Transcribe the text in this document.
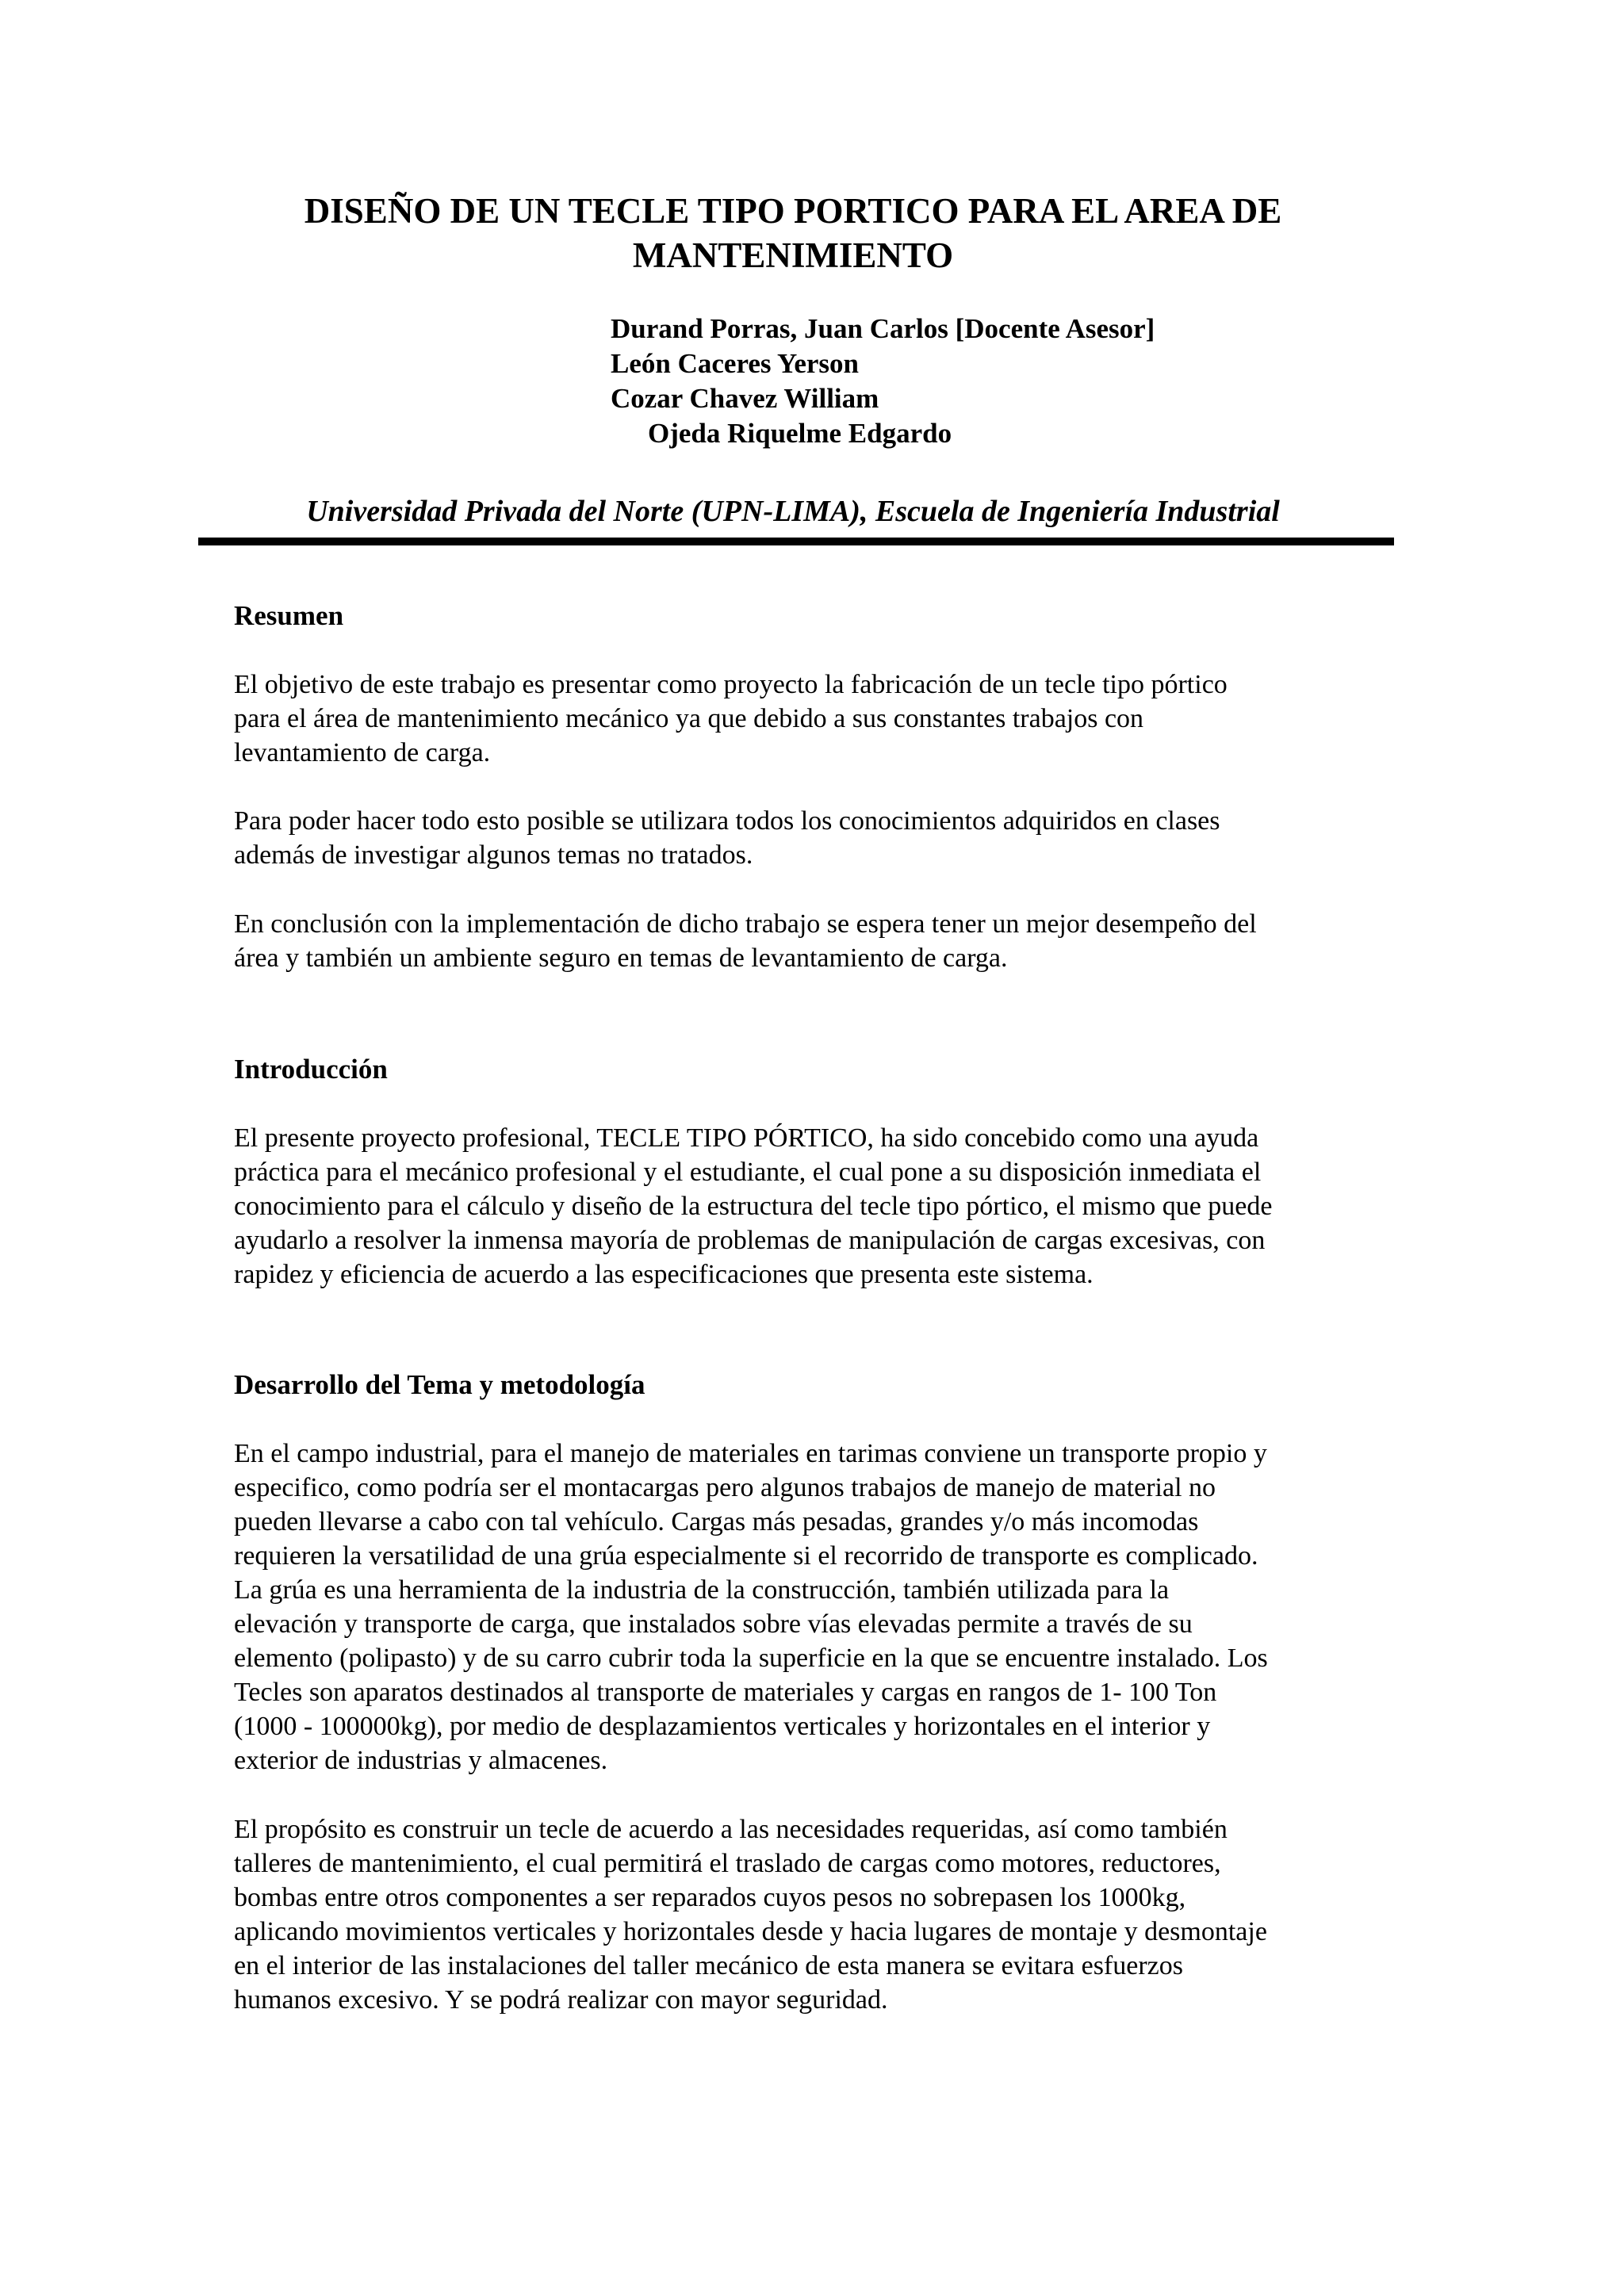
DISEÑO DE UN TECLE TIPO PORTICO PARA EL AREA DE
MANTENIMIENTO
Durand Porras, Juan Carlos [Docente Asesor]
León Caceres Yerson
Cozar Chavez William
Ojeda Riquelme Edgardo

Universidad Privada del Norte (UPN-LIMA), Escuela de Ingeniería Industrial

Resumen

El objetivo de este trabajo es presentar como proyecto la fabricación de un tecle tipo pórtico
para el área de mantenimiento mecánico ya que debido a sus constantes trabajos con
levantamiento de carga.

Para poder hacer todo esto posible se utilizara todos los conocimientos adquiridos en clases
además de investigar algunos temas no tratados.

En conclusión con la implementación de dicho trabajo se espera tener un mejor desempeño del
área y también un ambiente seguro en temas de levantamiento de carga.

Introducción

El presente proyecto profesional, TECLE TIPO PÓRTICO, ha sido concebido como una ayuda
práctica para el mecánico profesional y el estudiante, el cual pone a su disposición inmediata el
conocimiento para el cálculo y diseño de la estructura del tecle tipo pórtico, el mismo que puede
ayudarlo a resolver la inmensa mayoría de problemas de manipulación de cargas excesivas, con
rapidez y eficiencia de acuerdo a las especificaciones que presenta este sistema.

Desarrollo del Tema y metodología

En el campo industrial, para el manejo de materiales en tarimas conviene un transporte propio y
especifico, como podría ser el montacargas pero algunos trabajos de manejo de material no
pueden llevarse a cabo con tal vehículo. Cargas más pesadas, grandes y/o más incomodas
requieren la versatilidad de una grúa especialmente si el recorrido de transporte es complicado.
La grúa es una herramienta de la industria de la construcción, también utilizada para la
elevación y transporte de carga, que instalados sobre vías elevadas permite a través de su
elemento (polipasto) y de su carro cubrir toda la superficie en la que se encuentre instalado. Los
Tecles son aparatos destinados al transporte de materiales y cargas en rangos de 1- 100 Ton
(1000 - 100000kg), por medio de desplazamientos verticales y horizontales en el interior y
exterior de industrias y almacenes.

El propósito es construir un tecle de acuerdo a las necesidades requeridas, así como también
talleres de mantenimiento, el cual permitirá el traslado de cargas como motores, reductores,
bombas entre otros componentes a ser reparados cuyos pesos no sobrepasen los 1000kg,
aplicando movimientos verticales y horizontales desde y hacia lugares de montaje y desmontaje
en el interior de las instalaciones del taller mecánico de esta manera se evitara esfuerzos
humanos excesivo. Y se podrá realizar con mayor seguridad.
